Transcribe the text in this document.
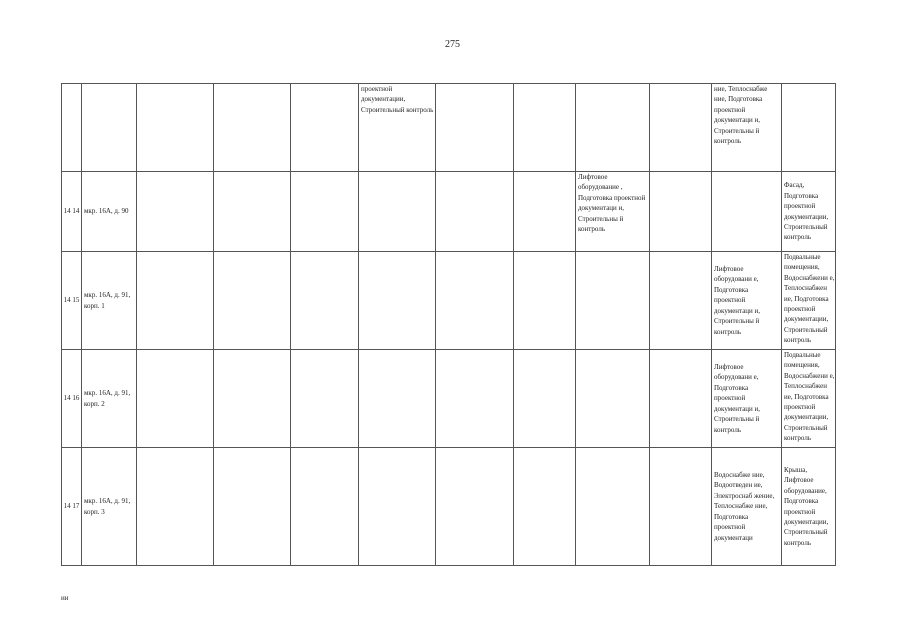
275
					проектной документации, Строительный контроль					ние, Теплоснабже ние, Подготовка проектной документаци и, Строительны й контроль	
14 14	мкр. 16А, д. 90							Лифтовое оборудование , Подготовка проектной документаци и, Строительны й контроль			Фасад, Подготовка проектной документации, Строительный контроль
14 15	мкр. 16А, д. 91, корп. 1									Лифтовое оборудовани е, Подготовка проектной документаци и, Строительны й контроль	Подвальные помещения, Водоснабжени е, Теплоснабжен ие, Подготовка проектной документации, Строительный контроль
14 16	мкр. 16А, д. 91, корп. 2									Лифтовое оборудовани е, Подготовка проектной документаци и, Строительны й контроль	Подвальные помещения, Водоснабжени е, Теплоснабжен ие, Подготовка проектной документации, Строительный контроль
14 17	мкр. 16А, д. 91, корп. 3									Водоснабже ние, Водоотведен ие, Электроснаб жение, Теплоснабже ние, Подготовка проектной документаци	Крыша, Лифтовое оборудование, Подготовка проектной документации, Строительный контроль
ии
